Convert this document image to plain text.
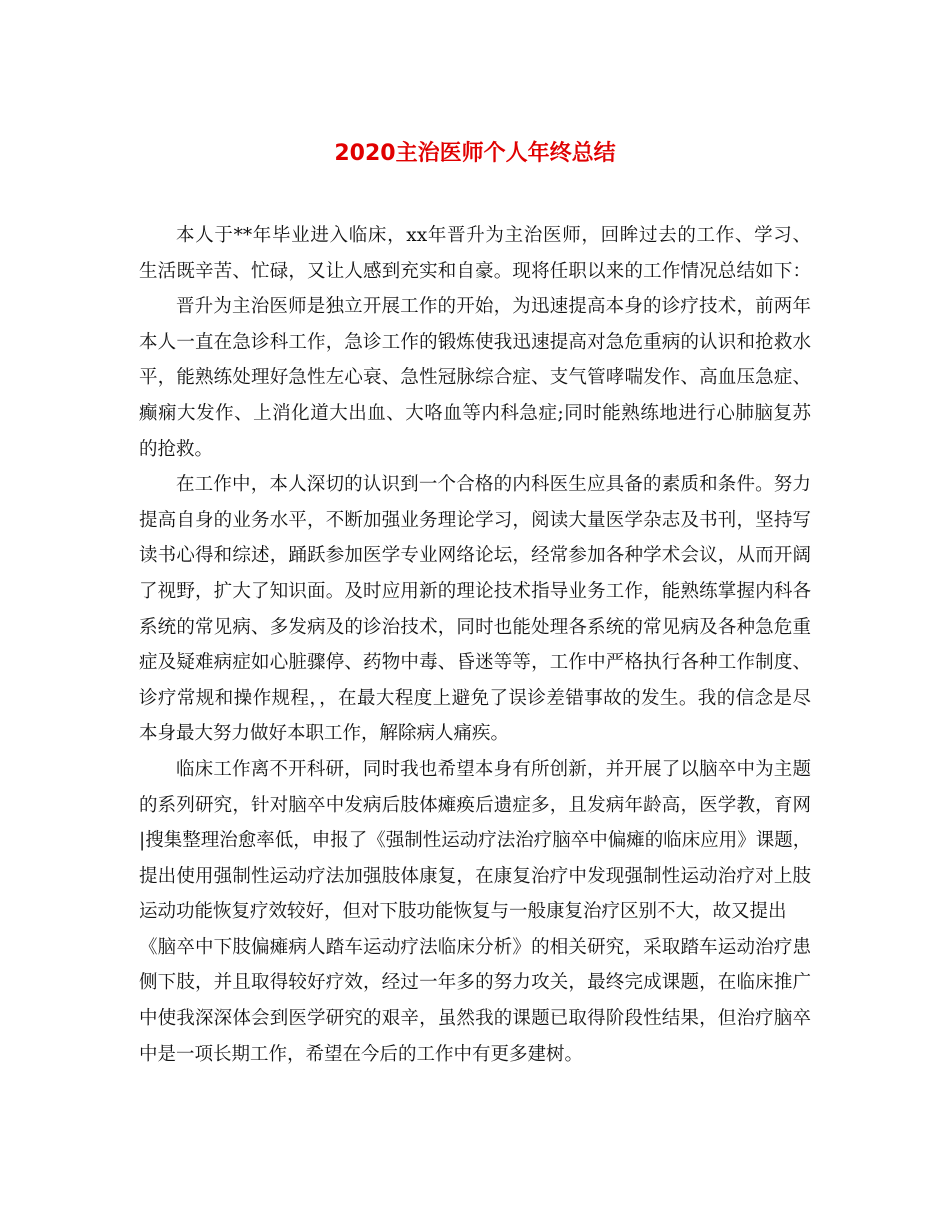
2020主治医师个人年终总结
本人于**年毕业进入临床，xx年晋升为主治医师，回眸过去的工作、学习、
生活既辛苦、忙碌，又让人感到充实和自豪。现将任职以来的工作情况总结如下：
晋升为主治医师是独立开展工作的开始，为迅速提高本身的诊疗技术，前两年
本人一直在急诊科工作，急诊工作的锻炼使我迅速提高对急危重病的认识和抢救水
平，能熟练处理好急性左心衰、急性冠脉综合症、支气管哮喘发作、高血压急症、
癫痫大发作、上消化道大出血、大咯血等内科急症;同时能熟练地进行心肺脑复苏
的抢救。
在工作中，本人深切的认识到一个合格的内科医生应具备的素质和条件。努力
提高自身的业务水平，不断加强业务理论学习，阅读大量医学杂志及书刊，坚持写
读书心得和综述，踊跃参加医学专业网络论坛，经常参加各种学术会议，从而开阔
了视野，扩大了知识面。及时应用新的理论技术指导业务工作，能熟练掌握内科各
系统的常见病、多发病及的诊治技术，同时也能处理各系统的常见病及各种急危重
症及疑难病症如心脏骤停、药物中毒、昏迷等等，工作中严格执行各种工作制度、
诊疗常规和操作规程，，在最大程度上避免了误诊差错事故的发生。我的信念是尽
本身最大努力做好本职工作，解除病人痛疾。
临床工作离不开科研，同时我也希望本身有所创新，并开展了以脑卒中为主题
的系列研究，针对脑卒中发病后肢体瘫痪后遗症多，且发病年龄高，医学教，育网
|搜集整理治愈率低，申报了《强制性运动疗法治疗脑卒中偏瘫的临床应用》课题，
提出使用强制性运动疗法加强肢体康复，在康复治疗中发现强制性运动治疗对上肢
运动功能恢复疗效较好，但对下肢功能恢复与一般康复治疗区别不大，故又提出
《脑卒中下肢偏瘫病人踏车运动疗法临床分析》的相关研究，采取踏车运动治疗患
侧下肢，并且取得较好疗效，经过一年多的努力攻关，最终完成课题，在临床推广
中使我深深体会到医学研究的艰辛，虽然我的课题已取得阶段性结果，但治疗脑卒
中是一项长期工作，希望在今后的工作中有更多建树。
